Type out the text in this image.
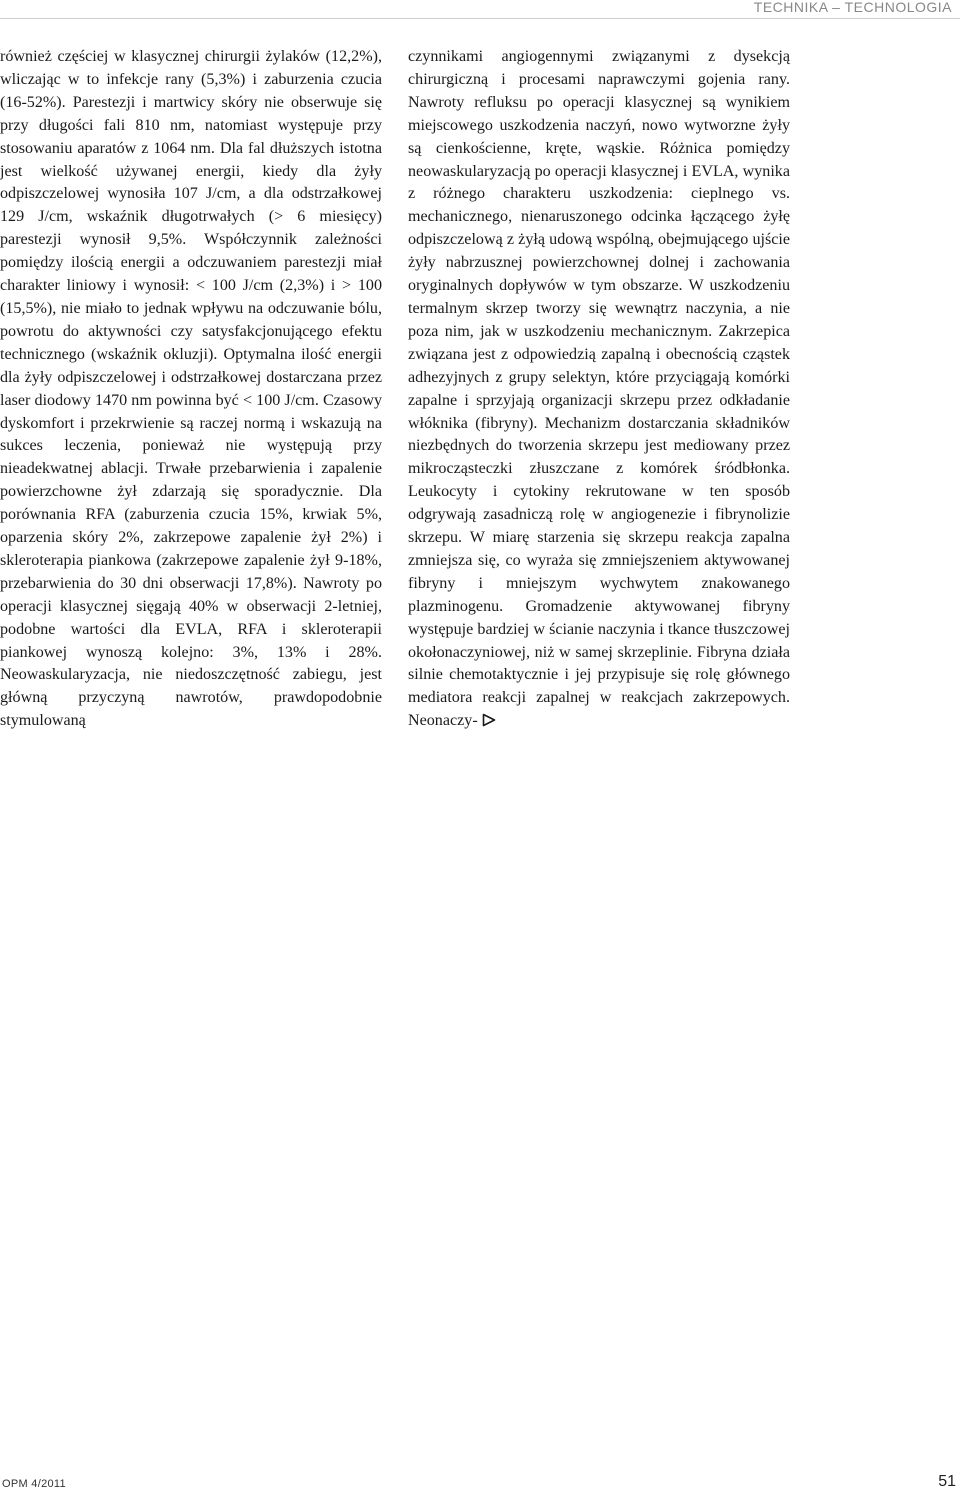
TECHNIKA – TECHNOLOGIA

również częściej w klasycznej chirurgii żylaków (12,2%), wliczając w to infekcje rany (5,3%) i zaburzenia czucia (16-52%). Parestezji i martwicy skóry nie obserwuje się przy długości fali 810 nm, natomiast występuje przy stosowaniu aparatów z 1064 nm. Dla fal dłuższych istotna jest wielkość używanej energii, kiedy dla żyły odpiszczelowej wynosiła 107 J/cm, a dla odstrzałkowej 129 J/cm, wskaźnik długotrwałych (> 6 miesięcy) parestezji wynosił 9,5%. Współczynnik zależności pomiędzy ilością energii a odczuwaniem parestezji miał charakter liniowy i wynosił: < 100 J/cm (2,3%) i > 100 (15,5%), nie miało to jednak wpływu na odczuwanie bólu, powrotu do aktywności czy satysfakcjonującego efektu technicznego (wskaźnik okluzji). Optymalna ilość energii dla żyły odpiszczelowej i odstrzałkowej dostarczana przez laser diodowy 1470 nm powinna być < 100 J/cm. Czasowy dyskomfort i przekrwienie są raczej normą i wskazują na sukces leczenia, ponieważ nie występują przy nieadekwatnej ablacji. Trwałe przebarwienia i zapalenie powierzchowne żył zdarzają się sporadycznie. Dla porównania RFA (zaburzenia czucia 15%, krwiak 5%, oparzenia skóry 2%, zakrzepowe zapalenie żył 2%) i skleroterapia piankowa (zakrzepowe zapalenie żył 9-18%, przebarwienia do 30 dni obserwacji 17,8%). Nawroty po operacji klasycznej sięgają 40% w obserwacji 2-letniej, podobne wartości dla EVLA, RFA i skleroterapii piankowej wynoszą kolejno: 3%, 13% i 28%. Neowaskularyzacja, nie niedoszczętność zabiegu, jest główną przyczyną nawrotów, prawdopodobnie stymulowaną

czynnikami angiogennymi związanymi z dysekcją chirurgiczną i procesami naprawczymi gojenia rany. Nawroty refluksu po operacji klasycznej są wynikiem miejscowego uszkodzenia naczyń, nowo wytworzne żyły są cienkościenne, kręte, wąskie. Różnica pomiędzy neowaskularyzacją po operacji klasycznej i EVLA, wynika z różnego charakteru uszkodzenia: cieplnego vs. mechanicznego, nienaruszonego odcinka łączącego żyłę odpiszczelową z żyłą udową wspólną, obejmującego ujście żyły nabrzusznej powierzchownej dolnej i zachowania oryginalnych dopływów w tym obszarze. W uszkodzeniu termalnym skrzep tworzy się wewnątrz naczynia, a nie poza nim, jak w uszkodzeniu mechanicznym. Zakrzepica związana jest z odpowiedzią zapalną i obecnością cząstek adhezyjnych z grupy selektyn, które przyciągają komórki zapalne i sprzyjają organizacji skrzepu przez odkładanie włóknika (fibryny). Mechanizm dostarczania składników niezbędnych do tworzenia skrzepu jest mediowany przez mikrocząsteczki złuszczane z komórek śródbłonka. Leukocyty i cytokiny rekrutowane w ten sposób odgrywają zasadniczą rolę w angiogenezie i fibrynolizie skrzepu. W miarę starzenia się skrzepu reakcja zapalna zmniejsza się, co wyraża się zmniejszeniem aktywowanej fibryny i mniejszym wychwytem znakowanego plazminogenu. Gromadzenie aktywowanej fibryny występuje bardziej w ścianie naczynia i tkance tłuszczowej okołonaczyniowej, niż w samej skrzeplinie. Fibryna działa silnie chemotaktycznie i jej przypisuje się rolę głównego mediatora reakcji zapalnej w reakcjach zakrzepowych. Neonaczy-

OPM 4/2011	51
